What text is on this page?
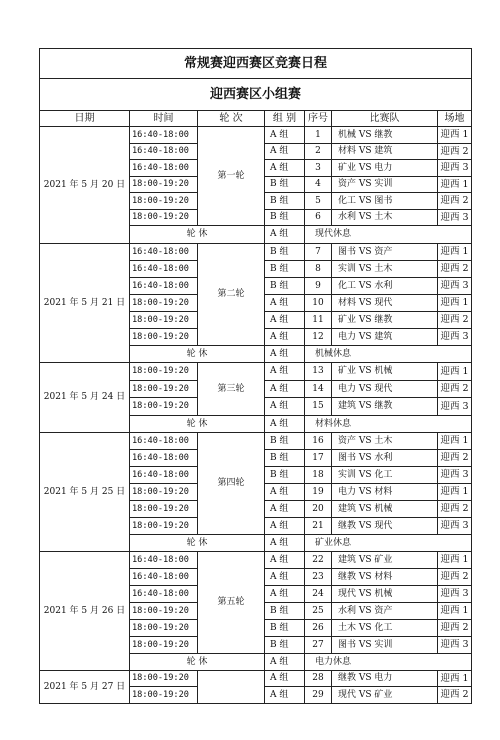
常规赛迎西赛区竞赛日程						
迎西赛区小组赛						
日期	时间	轮 次	组 别	序号	比赛队	场地
2021 年 5 月 20 日	16:40-18:00	第一轮	A 组	1	机械 VS 继教	迎西 1
	16:40-18:00		A 组	2	材料 VS 建筑	迎西 2
	16:40-18:00		A 组	3	矿业 VS 电力	迎西 3
	18:00-19:20		B 组	4	资产 VS 实训	迎西 1
	18:00-19:20		B 组	5	化工 VS 图书	迎西 2
	18:00-19:20		B 组	6	水利 VS 土木	迎西 3
	轮 休		A 组	现代休息		
2021 年 5 月 21 日	16:40-18:00	第二轮	B 组	7	图书 VS 资产	迎西 1
	16:40-18:00		B 组	8	实训 VS 土木	迎西 2
	16:40-18:00		B 组	9	化工 VS 水利	迎西 3
	18:00-19:20		A 组	10	材料 VS 现代	迎西 1
	18:00-19:20		A 组	11	矿业 VS 继教	迎西 2
	18:00-19:20		A 组	12	电力 VS 建筑	迎西 3
	轮 休		A 组	机械休息		
2021 年 5 月 24 日	18:00-19:20	第三轮	A 组	13	矿业 VS 机械	迎西 1
	18:00-19:20		A 组	14	电力 VS 现代	迎西 2
	18:00-19:20		A 组	15	建筑 VS 继教	迎西 3
	轮 休		A 组	材料休息		
2021 年 5 月 25 日	16:40-18:00	第四轮	B 组	16	资产 VS 土木	迎西 1
	16:40-18:00		B 组	17	图书 VS 水利	迎西 2
	16:40-18:00		B 组	18	实训 VS 化工	迎西 3
	18:00-19:20		A 组	19	电力 VS 材料	迎西 1
	18:00-19:20		A 组	20	建筑 VS 机械	迎西 2
	18:00-19:20		A 组	21	继教 VS 现代	迎西 3
	轮 休		A 组	矿业休息		
2021 年 5 月 26 日	16:40-18:00	第五轮	A 组	22	建筑 VS 矿业	迎西 1
	16:40-18:00		A 组	23	继教 VS 材料	迎西 2
	16:40-18:00		A 组	24	现代 VS 机械	迎西 3
	18:00-19:20		B 组	25	水利 VS 资产	迎西 1
	18:00-19:20		B 组	26	土木 VS 化工	迎西 2
	18:00-19:20		B 组	27	图书 VS 实训	迎西 3
	轮 休		A 组	电力休息		
2021 年 5 月 27 日	18:00-19:20		A 组	28	继教 VS 电力	迎西 1
	18:00-19:20		A 组	29	现代 VS 矿业	迎西 2
